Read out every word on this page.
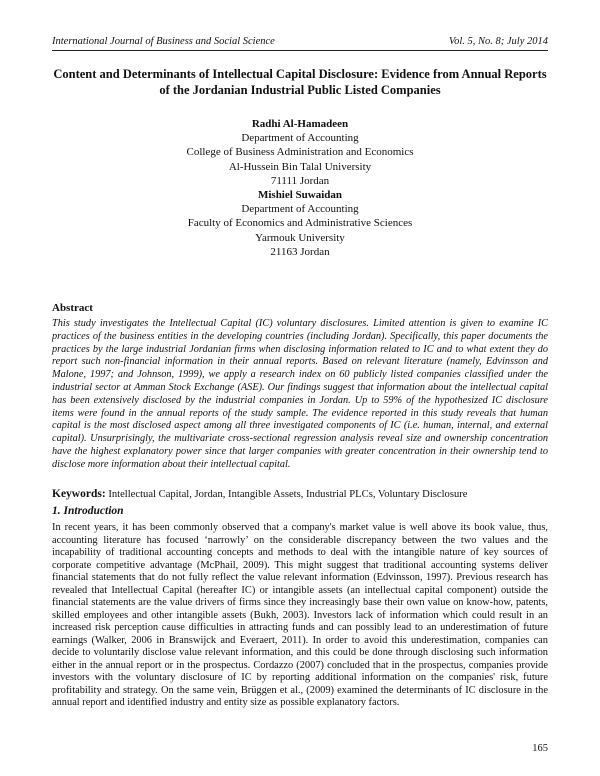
International Journal of Business and Social Science	Vol. 5, No. 8; July 2014
Content and Determinants of Intellectual Capital Disclosure: Evidence from Annual Reports of the Jordanian Industrial Public Listed Companies
Radhi Al-Hamadeen
Department of Accounting
College of Business Administration and Economics
Al-Hussein Bin Talal University
71111 Jordan
Mishiel Suwaidan
Department of Accounting
Faculty of Economics and Administrative Sciences
Yarmouk University
21163 Jordan
Abstract
This study investigates the Intellectual Capital (IC) voluntary disclosures. Limited attention is given to examine IC practices of the business entities in the developing countries (including Jordan). Specifically, this paper documents the practices by the large industrial Jordanian firms when disclosing information related to IC and to what extent they do report such non-financial information in their annual reports. Based on relevant literature (namely, Edvinsson and Malone, 1997; and Johnson, 1999), we apply a research index on 60 publicly listed companies classified under the industrial sector at Amman Stock Exchange (ASE). Our findings suggest that information about the intellectual capital has been extensively disclosed by the industrial companies in Jordan. Up to 59% of the hypothesized IC disclosure items were found in the annual reports of the study sample. The evidence reported in this study reveals that human capital is the most disclosed aspect among all three investigated components of IC (i.e. human, internal, and external capital). Unsurprisingly, the multivariate cross-sectional regression analysis reveal size and ownership concentration have the highest explanatory power since that larger companies with greater concentration in their ownership tend to disclose more information about their intellectual capital.
Keywords: Intellectual Capital, Jordan, Intangible Assets, Industrial PLCs, Voluntary Disclosure
1. Introduction
In recent years, it has been commonly observed that a company's market value is well above its book value, thus, accounting literature has focused ‘narrowly’ on the considerable discrepancy between the two values and the incapability of traditional accounting concepts and methods to deal with the intangible nature of key sources of corporate competitive advantage (McPhail, 2009). This might suggest that traditional accounting systems deliver financial statements that do not fully reflect the value relevant information (Edvinsson, 1997). Previous research has revealed that Intellectual Capital (hereafter IC) or intangible assets (an intellectual capital component) outside the financial statements are the value drivers of firms since they increasingly base their own value on know-how, patents, skilled employees and other intangible assets (Bukh, 2003). Investors lack of information which could result in an increased risk perception cause difficulties in attracting funds and can possibly lead to an underestimation of future earnings (Walker, 2006 in Branswijck and Everaert, 2011). In order to avoid this underestimation, companies can decide to voluntarily disclose value relevant information, and this could be done through disclosing such information either in the annual report or in the prospectus. Cordazzo (2007) concluded that in the prospectus, companies provide investors with the voluntary disclosure of IC by reporting additional information on the companies' risk, future profitability and strategy. On the same vein, Brüggen et al., (2009) examined the determinants of IC disclosure in the annual report and identified industry and entity size as possible explanatory factors.
165
